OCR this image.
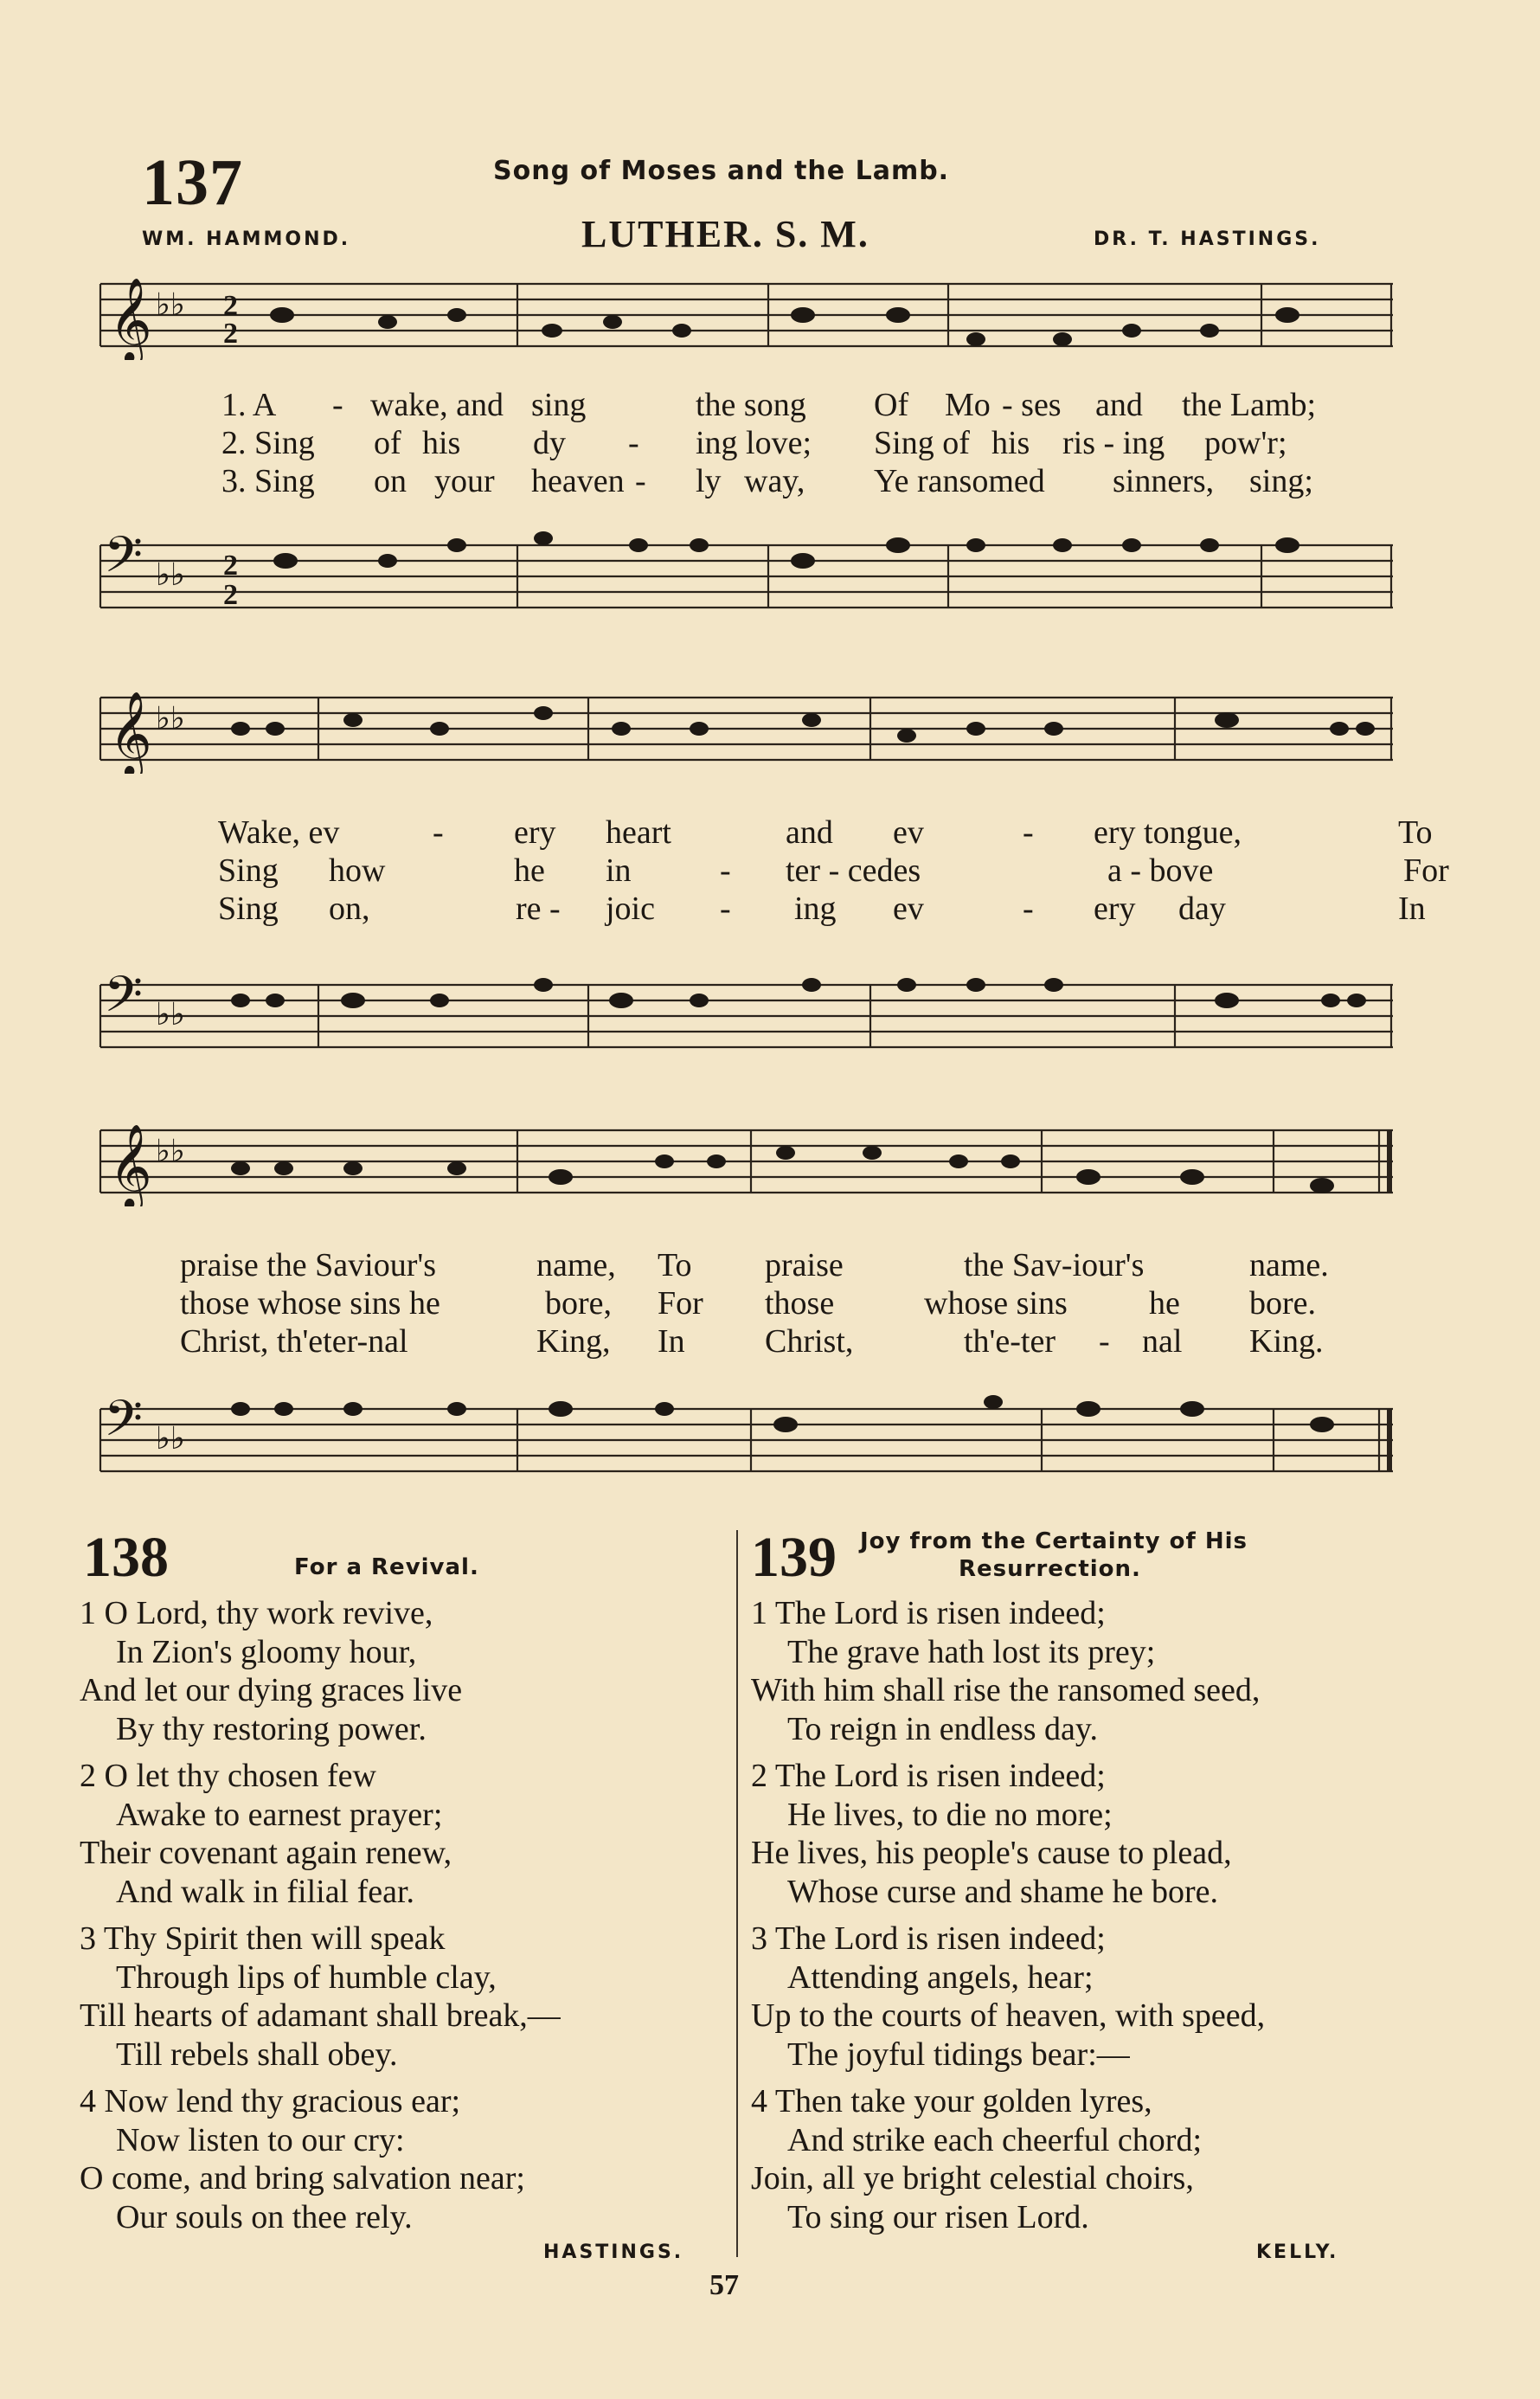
137	Song of Moses and the Lamb.
WM. HAMMOND.	LUTHER. S. M.	DR. T. HASTINGS.
𝄞 ♭♭ 2
2
1. A - wake, and sing	the song Of Mo - ses and the Lamb;
2. Sing of his dy - ing love; Sing of his ris - ing pow'r;
3. Sing on your heaven - ly way, Ye ransomed sinners, sing;
𝄢 ♭♭ 2
2
𝄞 ♭♭
Wake, ev	- ery heart	and ev	- ery tongue,	To
Sing how	he in	- ter - cedes	a - bove	For
Sing on,	re - joic - ing ev	- ery day	In
𝄢 ♭♭
𝄞 ♭♭
praise the Saviour's	name, To praise	the Sav-iour's	name.
those whose sins he	bore, For those	whose sins he bore.
Christ, th'eter-nal	King, In Christ,	th'e-ter - nal King.
𝄢 ♭♭
138	For a Revival.
1 O Lord, thy work revive,
In Zion's gloomy hour,
And let our dying graces live
By thy restoring power.
2 O let thy chosen few
Awake to earnest prayer;
Their covenant again renew,
And walk in filial fear.
3 Thy Spirit then will speak
Through lips of humble clay,
Till hearts of adamant shall break,—
Till rebels shall obey.
4 Now lend thy gracious ear;
Now listen to our cry:
O come, and bring salvation near;
Our souls on thee rely.
HASTINGS.
139 Joy from the Certainty of His
Resurrection.
1 The Lord is risen indeed;
The grave hath lost its prey;
With him shall rise the ransomed seed,
To reign in endless day.
2 The Lord is risen indeed;
He lives, to die no more;
He lives, his people's cause to plead,
Whose curse and shame he bore.
3 The Lord is risen indeed;
Attending angels, hear;
Up to the courts of heaven, with speed,
The joyful tidings bear:—
4 Then take your golden lyres,
And strike each cheerful chord;
Join, all ye bright celestial choirs,
To sing our risen Lord.
KELLY.
57
